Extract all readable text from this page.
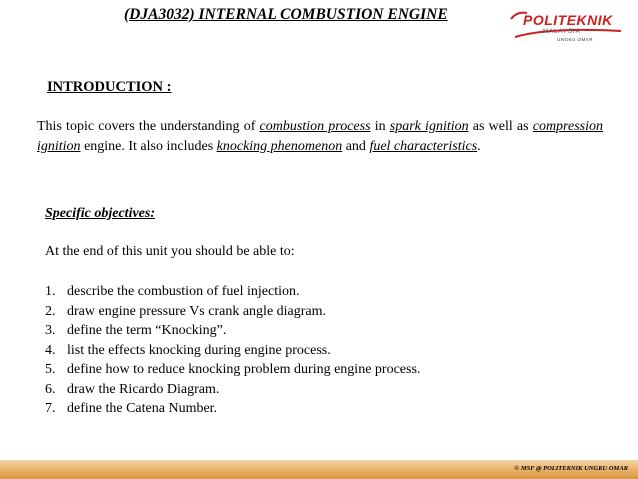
(DJA3032) INTERNAL COMBUSTION ENGINE	POLITEKNIK
MALAYSIA
UNGKU OMAR
INTRODUCTION :
This topic covers the understanding of combustion process in spark ignition as well as compression ignition engine. It also includes knocking phenomenon and fuel characteristics.
Specific objectives:
At the end of this unit you should be able to:
1. describe the combustion of fuel injection.
2. draw engine pressure Vs crank angle diagram.
3. define the term “Knocking”.
4. list the effects knocking during engine process.
5. define how to reduce knocking problem during engine process.
6. draw the Ricardo Diagram.
7. define the Catena Number.
© MSF @ POLITEKNIK UNGKU OMAR
